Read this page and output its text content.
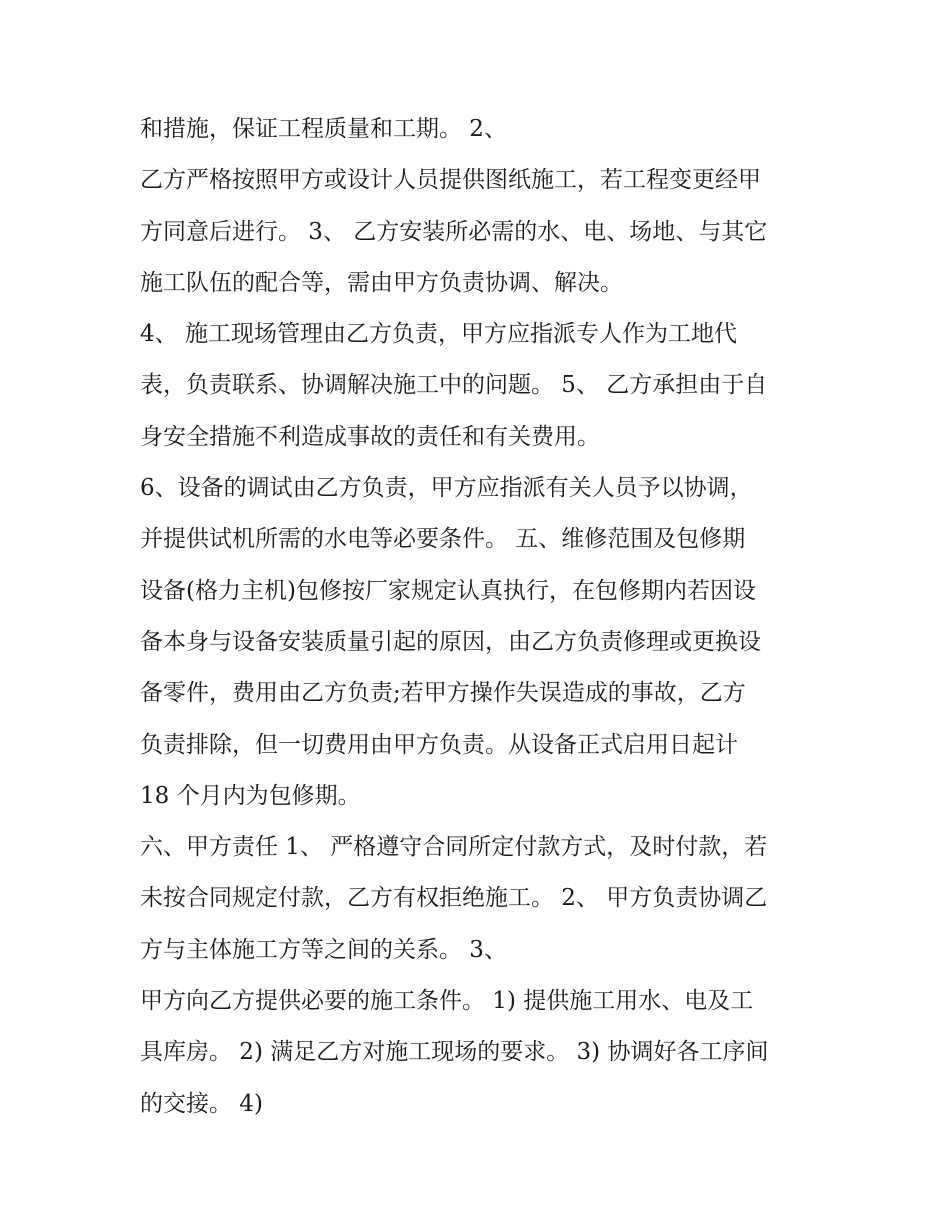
和措施，保证工程质量和工期。 2、
乙方严格按照甲方或设计人员提供图纸施工，若工程变更经甲
方同意后进行。 3、 乙方安装所必需的水、电、场地、与其它
施工队伍的配合等，需由甲方负责协调、解决。
4、 施工现场管理由乙方负责，甲方应指派专人作为工地代
表，负责联系、协调解决施工中的问题。 5、 乙方承担由于自
身安全措施不利造成事故的责任和有关费用。
6、设备的调试由乙方负责，甲方应指派有关人员予以协调，
并提供试机所需的水电等必要条件。 五、维修范围及包修期
设备(格力主机)包修按厂家规定认真执行，在包修期内若因设
备本身与设备安装质量引起的原因，由乙方负责修理或更换设
备零件，费用由乙方负责;若甲方操作失误造成的事故，乙方
负责排除，但一切费用由甲方负责。从设备正式启用日起计
18 个月内为包修期。
六、甲方责任 1、 严格遵守合同所定付款方式，及时付款，若
未按合同规定付款，乙方有权拒绝施工。 2、 甲方负责协调乙
方与主体施工方等之间的关系。 3、
甲方向乙方提供必要的施工条件。 1) 提供施工用水、电及工
具库房。 2) 满足乙方对施工现场的要求。 3) 协调好各工序间
的交接。 4)
